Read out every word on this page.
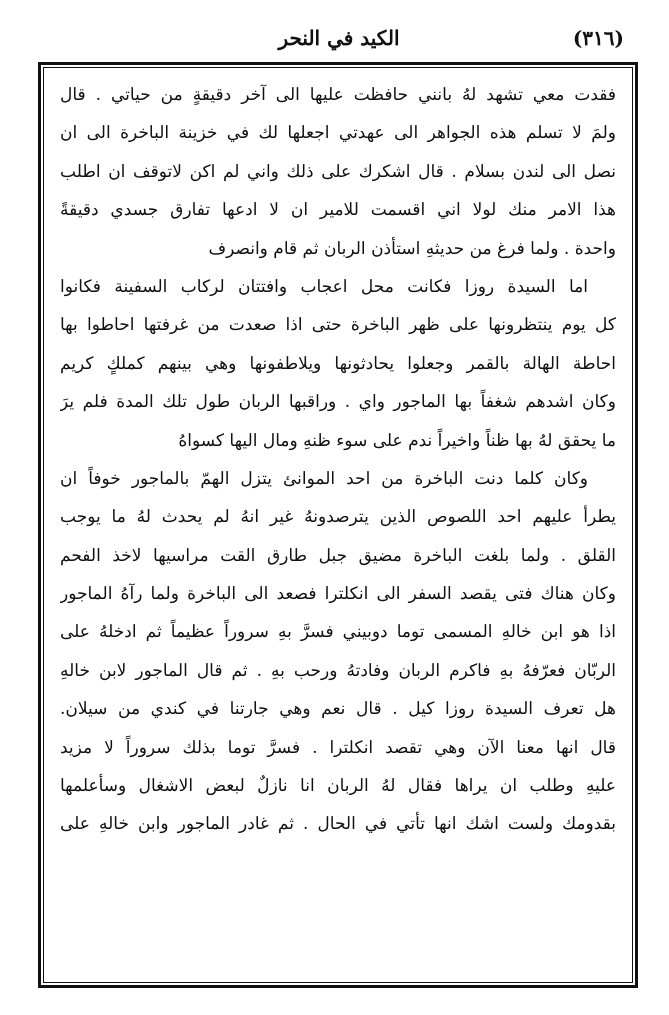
(٣١٦)
الكيد في النحر
فقدت معي تشهد لهُ بانني حافظت عليها الى آخر دقيقةٍ من حياتي . قال
ولمَ لا تسلم هذه الجواهر الى عهدتي اجعلها لك في خزينة الباخرة الى ان
نصل الى لندن بسلام . قال اشكرك على ذلك واني لم اكن لاتوقف ان اطلب
هذا الامر منك لولا اني اقسمت للامير ان لا ادعها تفارق جسدي دقيقةً
واحدة . ولما فرغ من حديثهِ استأذن الربان ثم قام وانصرف
اما السيدة روزا فكانت محل اعجاب وافتتان لركاب السفينة فكانوا
كل يوم ينتظرونها على ظهر الباخرة حتى اذا صعدت من غرفتها احاطوا بها
احاطة الهالة بالقمر وجعلوا يحادثونها ويلاطفونها وهي بينهم كملكٍ كريم
وكان اشدهم شغفاً بها الماجور واي . وراقبها الربان طول تلك المدة فلم يرَ
ما يحقق لهُ بها ظناً واخيراً ندم على سوء ظنهِ ومال اليها كسواهُ
وكان كلما دنت الباخرة من احد الموانئ يتزل الهمّ بالماجور خوفاً ان
يطرأ عليهم احد اللصوص الذين يترصدونهُ غير انهُ لم يحدث لهُ ما يوجب
القلق . ولما بلغت الباخرة مضيق جبل طارق القت مراسيها لاخذ الفحم
وكان هناك فتى يقصد السفر الى انكلترا فصعد الى الباخرة ولما رآهُ الماجور
اذا هو ابن خالهِ المسمى توما دوبيني فسرَّ بهِ سروراً عظيماً ثم ادخلهُ على
الربّان فعرّفهُ بهِ فاكرم الربان وفادتهُ ورحب بهِ . ثم قال الماجور لابن خالهِ
هل تعرف السيدة روزا كيل . قال نعم وهي جارتنا في كندي من سيلان.
قال انها معنا الآن وهي تقصد انكلترا . فسرَّ توما بذلك سروراً لا مزيد
عليهِ وطلب ان يراها فقال لهُ الربان انا نازلٌ لبعض الاشغال وسأعلمها
بقدومك ولست اشك انها تأتي في الحال . ثم غادر الماجور وابن خالهِ على
